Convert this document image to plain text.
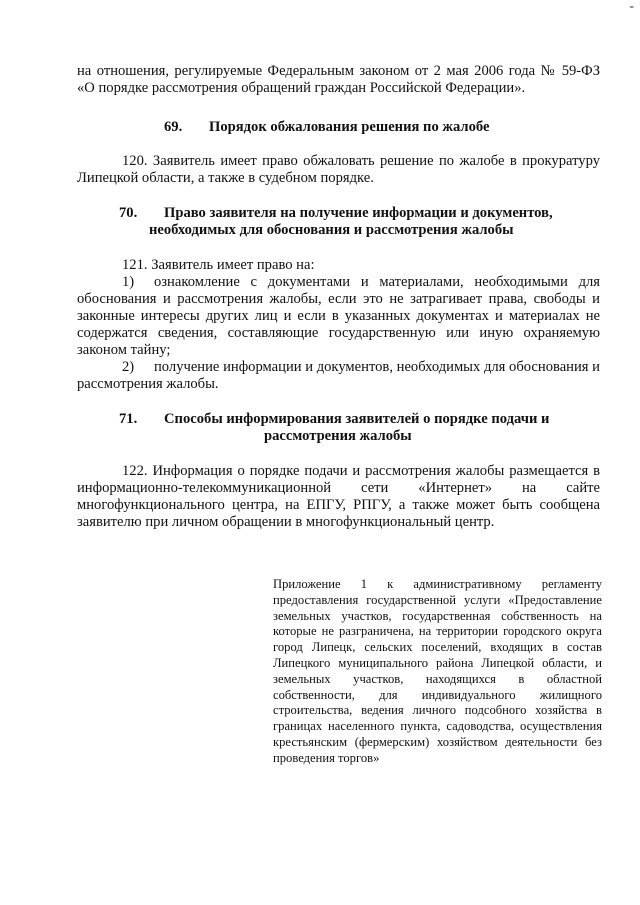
-

на отношения, регулируемые Федеральным законом от 2 мая 2006 года № 59-ФЗ «О порядке рассмотрения обращений граждан Российской Федерации».

69. Порядок обжалования решения по жалобе

120. Заявитель имеет право обжаловать решение по жалобе в прокуратуру Липецкой области, а также в судебном порядке.

70. Право заявителя на получение информации и документов,
необходимых для обоснования и рассмотрения жалобы

121. Заявитель имеет право на:

1) ознакомление с документами и материалами, необходимыми для обоснования и рассмотрения жалобы, если это не затрагивает права, свободы и законные интересы других лиц и если в указанных документах и материалах не содержатся сведения, составляющие государственную или иную охраняемую законом тайну;

2) получение информации и документов, необходимых для обоснования и рассмотрения жалобы.

71. Способы информирования заявителей о порядке подачи и
рассмотрения жалобы

122. Информация о порядке подачи и рассмотрения жалобы размещается в информационно-телекоммуникационной сети «Интернет» на сайте многофункционального центра, на ЕПГУ, РПГУ, а также может быть сообщена заявителю при личном обращении в многофункциональный центр.

Приложение 1 к административному регламенту предоставления государственной услуги «Предоставление земельных участков, государственная собственность на которые не разграничена, на территории городского округа город Липецк, сельских поселений, входящих в состав Липецкого муниципального района Липецкой области, и земельных участков, находящихся в областной собственности, для индивидуального жилищного строительства, ведения личного подсобного хозяйства в границах населенного пункта, садоводства, осуществления крестьянским (фермерским) хозяйством деятельности без проведения торгов»
